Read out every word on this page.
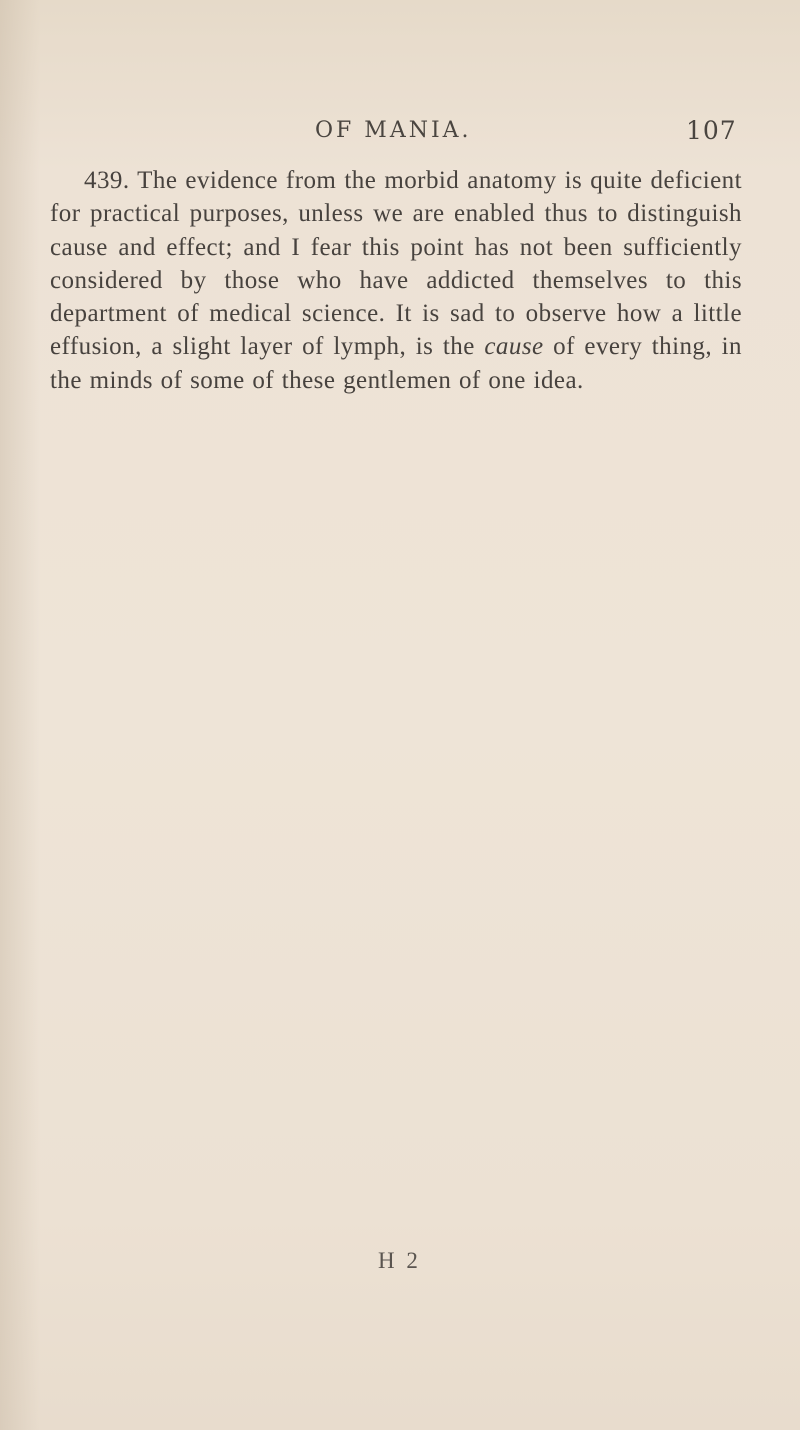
OF MANIA.	107

439. The evidence from the morbid anatomy is quite deficient for practical purposes, unless we are enabled thus to distinguish cause and effect; and I fear this point has not been sufficiently considered by those who have addicted themselves to this department of medical science. It is sad to observe how a little effusion, a slight layer of lymph, is the cause of every thing, in the minds of some of these gentlemen of one idea.

H 2
